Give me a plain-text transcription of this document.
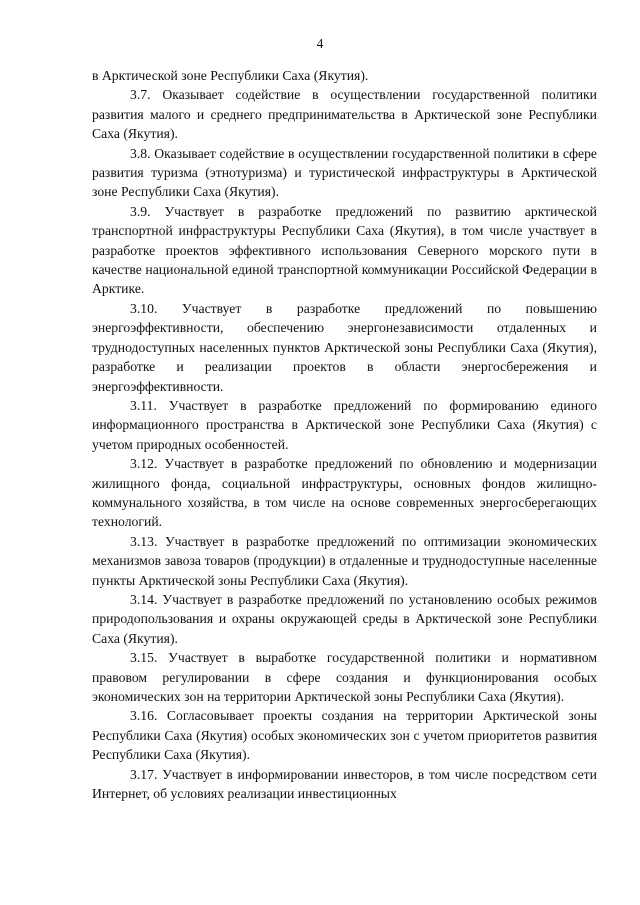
4

в Арктической зоне Республики Саха (Якутия).

3.7. Оказывает содействие в осуществлении государственной политики развития малого и среднего предпринимательства в Арктической зоне Республики Саха (Якутия).

3.8. Оказывает содействие в осуществлении государственной политики в сфере развития туризма (этнотуризма) и туристической инфраструктуры в Арктической зоне Республики Саха (Якутия).

3.9. Участвует в разработке предложений по развитию арктической транспортной инфраструктуры Республики Саха (Якутия), в том числе участвует в разработке проектов эффективного использования Северного морского пути в качестве национальной единой транспортной коммуникации Российской Федерации в Арктике.

3.10. Участвует в разработке предложений по повышению энергоэффективности, обеспечению энергонезависимости отдаленных и труднодоступных населенных пунктов Арктической зоны Республики Саха (Якутия), разработке и реализации проектов в области энергосбережения и энергоэффективности.

3.11. Участвует в разработке предложений по формированию единого информационного пространства в Арктической зоне Республики Саха (Якутия) с учетом природных особенностей.

3.12. Участвует в разработке предложений по обновлению и модернизации жилищного фонда, социальной инфраструктуры, основных фондов жилищно-коммунального хозяйства, в том числе на основе современных энергосберегающих технологий.

3.13. Участвует в разработке предложений по оптимизации экономических механизмов завоза товаров (продукции) в отдаленные и труднодоступные населенные пункты Арктической зоны Республики Саха (Якутия).

3.14. Участвует в разработке предложений по установлению особых режимов природопользования и охраны окружающей среды в Арктической зоне Республики Саха (Якутия).

3.15. Участвует в выработке государственной политики и нормативном правовом регулировании в сфере создания и функционирования особых экономических зон на территории Арктической зоны Республики Саха (Якутия).

3.16. Согласовывает проекты создания на территории Арктической зоны Республики Саха (Якутия) особых экономических зон с учетом приоритетов развития Республики Саха (Якутия).

3.17. Участвует в информировании инвесторов, в том числе посредством сети Интернет, об условиях реализации инвестиционных
